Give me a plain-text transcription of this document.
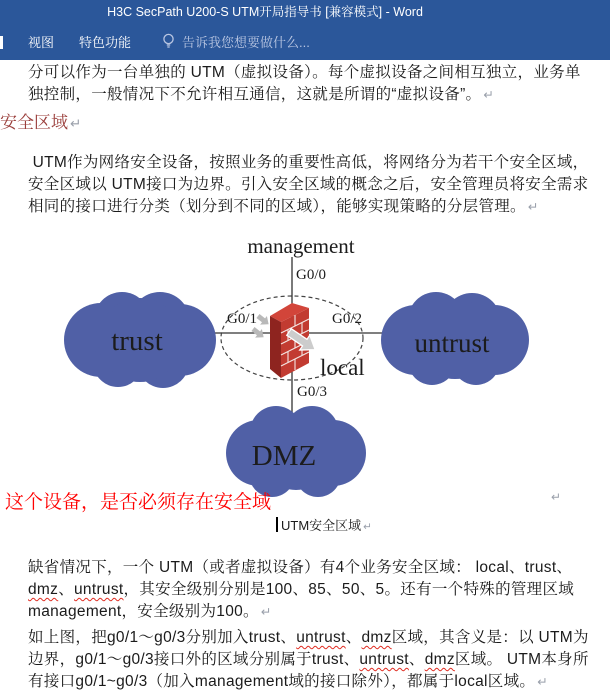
H3C SecPath U200-S UTM开局指导书 [兼容模式] - Word
视图 特色功能	告诉我您想要做什么...
分可以作为一台单独的 UTM（虚拟设备）。每个虚拟设备之间相互独立，业务单
独控制，一般情况下不允许相互通信，这就是所谓的“虚拟设备”。 ↵
安全区域 ↵
UTM作为网络安全设备，按照业务的重要性高低，将网络分为若干个安全区域，
安全区域以 UTM接口为边界。引入安全区域的概念之后，安全管理员将安全需求
相同的接口进行分类（划分到不同的区域），能够实现策略的分层管理。 ↵
management
G0/0
G0/1	G0/2
G0/3
local
trust	untrust
DMZ
这个设备，是否必须存在安全域	↵
UTM安全区域 ↵
缺省情况下，一个 UTM（或者虚拟设备）有4个业务安全区域： local、trust、
dmz、untrust，其安全级别分别是100、85、50、5。还有一个特殊的管理区域
management，安全级别为100。 ↵
如上图，把g0/1～g0/3分别加入trust、untrust、dmz区域，其含义是：以 UTM为
边界，g0/1～g0/3接口外的区域分别属于trust、untrust、dmz区域。 UTM本身所
有接口g0/1~g0/3（加入management域的接口除外），都属于local区域。 ↵
